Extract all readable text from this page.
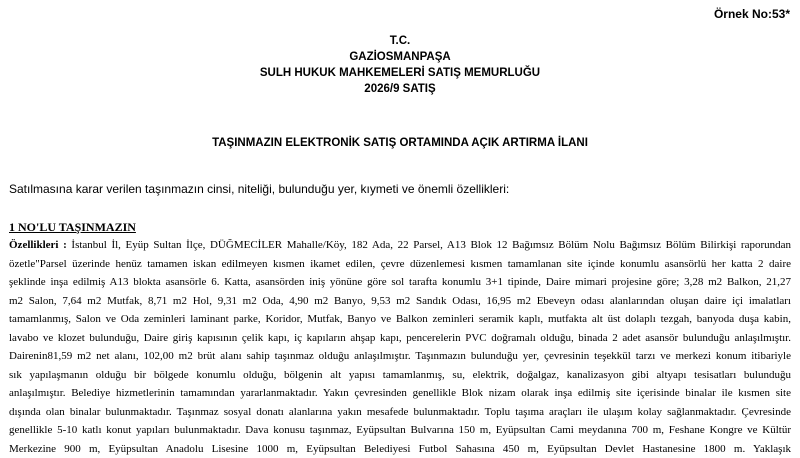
Örnek No:53*
T.C.
GAZİOSMANPAŞA
SULH HUKUK MAHKEMELERİ SATIŞ MEMURLUĞU
2026/9 SATIŞ
TAŞINMAZIN ELEKTRONİK SATIŞ ORTAMINDA AÇIK ARTIRMA İLANI
Satılmasına karar verilen taşınmazın cinsi, niteliği, bulunduğu yer, kıymeti ve önemli özellikleri:
1 NO'LU TAŞINMAZIN
Özellikleri : İstanbul İl, Eyüp Sultan İlçe, DÜĞMECİLER Mahalle/Köy, 182 Ada, 22 Parsel, A13 Blok 12 Bağımsız Bölüm Nolu Bağımsız Bölüm Bilirkişi raporundan
özetle"Parsel üzerinde henüz tamamen iskan edilmeyen kısmen ikamet edilen, çevre düzenlemesi kısmen tamamlanan site içinde konumlu asansörlü her katta 2 daire
şeklinde inşa edilmiş A13 blokta asansörle 6. Katta, asansörden iniş yönüne göre sol tarafta konumlu 3+1 tipinde, Daire mimari projesine göre; 3,28 m2 Balkon, 21,27
m2 Salon, 7,64 m2 Mutfak, 8,71 m2 Hol, 9,31 m2 Oda, 4,90 m2 Banyo, 9,53 m2 Sandık Odası, 16,95 m2 Ebeveyn odası alanlarından oluşan daire içi imalatları
tamamlanmış, Salon ve Oda zeminleri laminant parke, Koridor, Mutfak, Banyo ve Balkon zeminleri seramik kaplı, mutfakta alt üst dolaplı tezgah, banyoda duşa kabin,
lavabo ve klozet bulunduğu, Daire giriş kapısının çelik kapı, iç kapıların ahşap kapı, pencerelerin PVC doğramalı olduğu, binada 2 adet asansör bulunduğu anlaşılmıştır.
Dairenin81,59 m2 net alanı, 102,00 m2 brüt alanı sahip taşınmaz olduğu anlaşılmıştır. Taşınmazın bulunduğu yer, çevresinin teşekkül tarzı ve merkezi konum itibariyle
sık yapılaşmanın olduğu bir bölgede konumlu olduğu, bölgenin alt yapısı tamamlanmış, su, elektrik, doğalgaz, kanalizasyon gibi altyapı tesisatları bulunduğu
anlaşılmıştır. Belediye hizmetlerinin tamamından yararlanmaktadır. Yakın çevresinden genellikle Blok nizam olarak inşa edilmiş site içerisinde binalar ile kısmen site
dışında olan binalar bulunmaktadır. Taşınmaz sosyal donatı alanlarına yakın mesafede bulunmaktadır. Toplu taşıma araçları ile ulaşım kolay sağlanmaktadır. Çevresinde
genellikle 5-10 katlı konut yapıları bulunmaktadır. Dava konusu taşınmaz, Eyüpsultan Bulvarına 150 m, Eyüpsultan Cami meydanına 700 m, Feshane Kongre ve Kültür
Merkezine 900 m, Eyüpsultan Anadolu Lisesine 1000 m, Eyüpsultan Belediyesi Futbol Sahasına 450 m, Eyüpsultan Devlet Hastanesine 1800 m. Yaklaşık
